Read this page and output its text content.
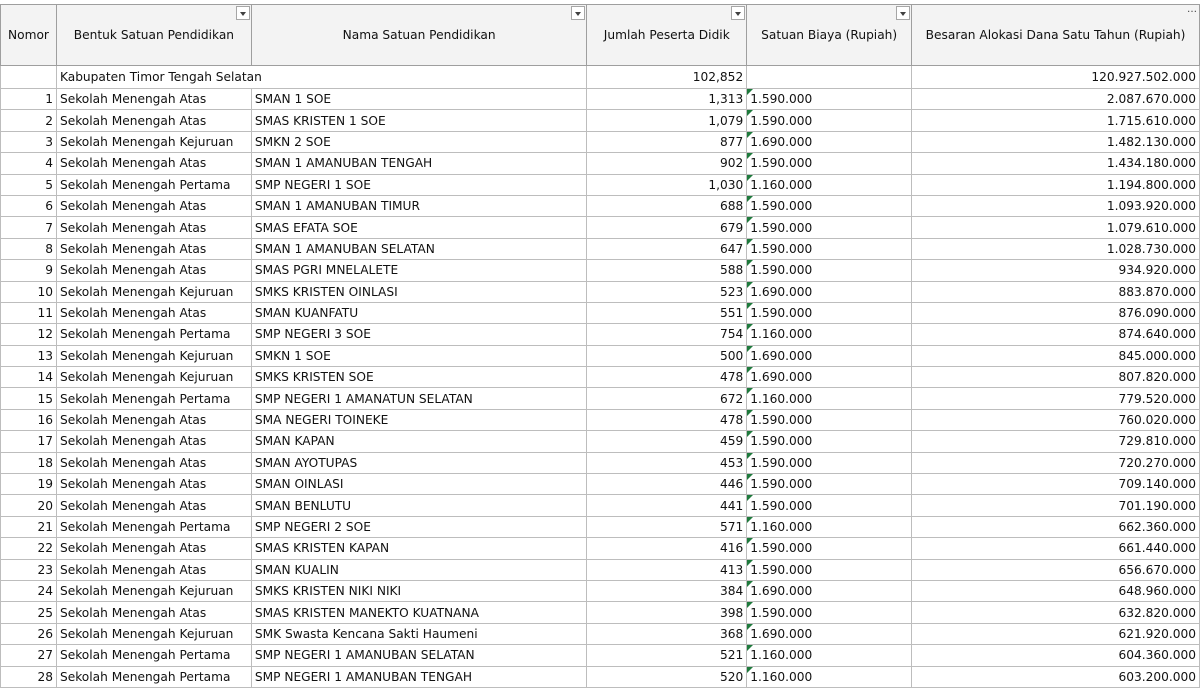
Nomor	Bentuk Satuan Pendidikan	Nama Satuan Pendidikan	Jumlah Peserta Didik	Satuan Biaya (Rupiah)	Besaran Alokasi Dana Satu Tahun (Rupiah)
…

	Kabupaten Timor Tengah Selatan		102,852		120.927.502.000
1	Sekolah Menengah Atas	SMAN 1 SOE	1,313	1.590.000	2.087.670.000
2	Sekolah Menengah Atas	SMAS KRISTEN 1 SOE	1,079	1.590.000	1.715.610.000
3	Sekolah Menengah Kejuruan	SMKN 2 SOE	877	1.690.000	1.482.130.000
4	Sekolah Menengah Atas	SMAN 1 AMANUBAN TENGAH	902	1.590.000	1.434.180.000
5	Sekolah Menengah Pertama	SMP NEGERI 1 SOE	1,030	1.160.000	1.194.800.000
6	Sekolah Menengah Atas	SMAN 1 AMANUBAN TIMUR	688	1.590.000	1.093.920.000
7	Sekolah Menengah Atas	SMAS EFATA SOE	679	1.590.000	1.079.610.000
8	Sekolah Menengah Atas	SMAN 1 AMANUBAN SELATAN	647	1.590.000	1.028.730.000
9	Sekolah Menengah Atas	SMAS PGRI MNELALETE	588	1.590.000	934.920.000
10	Sekolah Menengah Kejuruan	SMKS KRISTEN OINLASI	523	1.690.000	883.870.000
11	Sekolah Menengah Atas	SMAN KUANFATU	551	1.590.000	876.090.000
12	Sekolah Menengah Pertama	SMP NEGERI 3 SOE	754	1.160.000	874.640.000
13	Sekolah Menengah Kejuruan	SMKN 1 SOE	500	1.690.000	845.000.000
14	Sekolah Menengah Kejuruan	SMKS KRISTEN SOE	478	1.690.000	807.820.000
15	Sekolah Menengah Pertama	SMP NEGERI 1 AMANATUN SELATAN	672	1.160.000	779.520.000
16	Sekolah Menengah Atas	SMA NEGERI TOINEKE	478	1.590.000	760.020.000
17	Sekolah Menengah Atas	SMAN KAPAN	459	1.590.000	729.810.000
18	Sekolah Menengah Atas	SMAN AYOTUPAS	453	1.590.000	720.270.000
19	Sekolah Menengah Atas	SMAN OINLASI	446	1.590.000	709.140.000
20	Sekolah Menengah Atas	SMAN BENLUTU	441	1.590.000	701.190.000
21	Sekolah Menengah Pertama	SMP NEGERI 2 SOE	571	1.160.000	662.360.000
22	Sekolah Menengah Atas	SMAS KRISTEN KAPAN	416	1.590.000	661.440.000
23	Sekolah Menengah Atas	SMAN KUALIN	413	1.590.000	656.670.000
24	Sekolah Menengah Kejuruan	SMKS KRISTEN NIKI NIKI	384	1.690.000	648.960.000
25	Sekolah Menengah Atas	SMAS KRISTEN MANEKTO KUATNANA	398	1.590.000	632.820.000
26	Sekolah Menengah Kejuruan	SMK Swasta Kencana Sakti Haumeni	368	1.690.000	621.920.000
27	Sekolah Menengah Pertama	SMP NEGERI 1 AMANUBAN SELATAN	521	1.160.000	604.360.000
28	Sekolah Menengah Pertama	SMP NEGERI 1 AMANUBAN TENGAH	520	1.160.000	603.200.000
